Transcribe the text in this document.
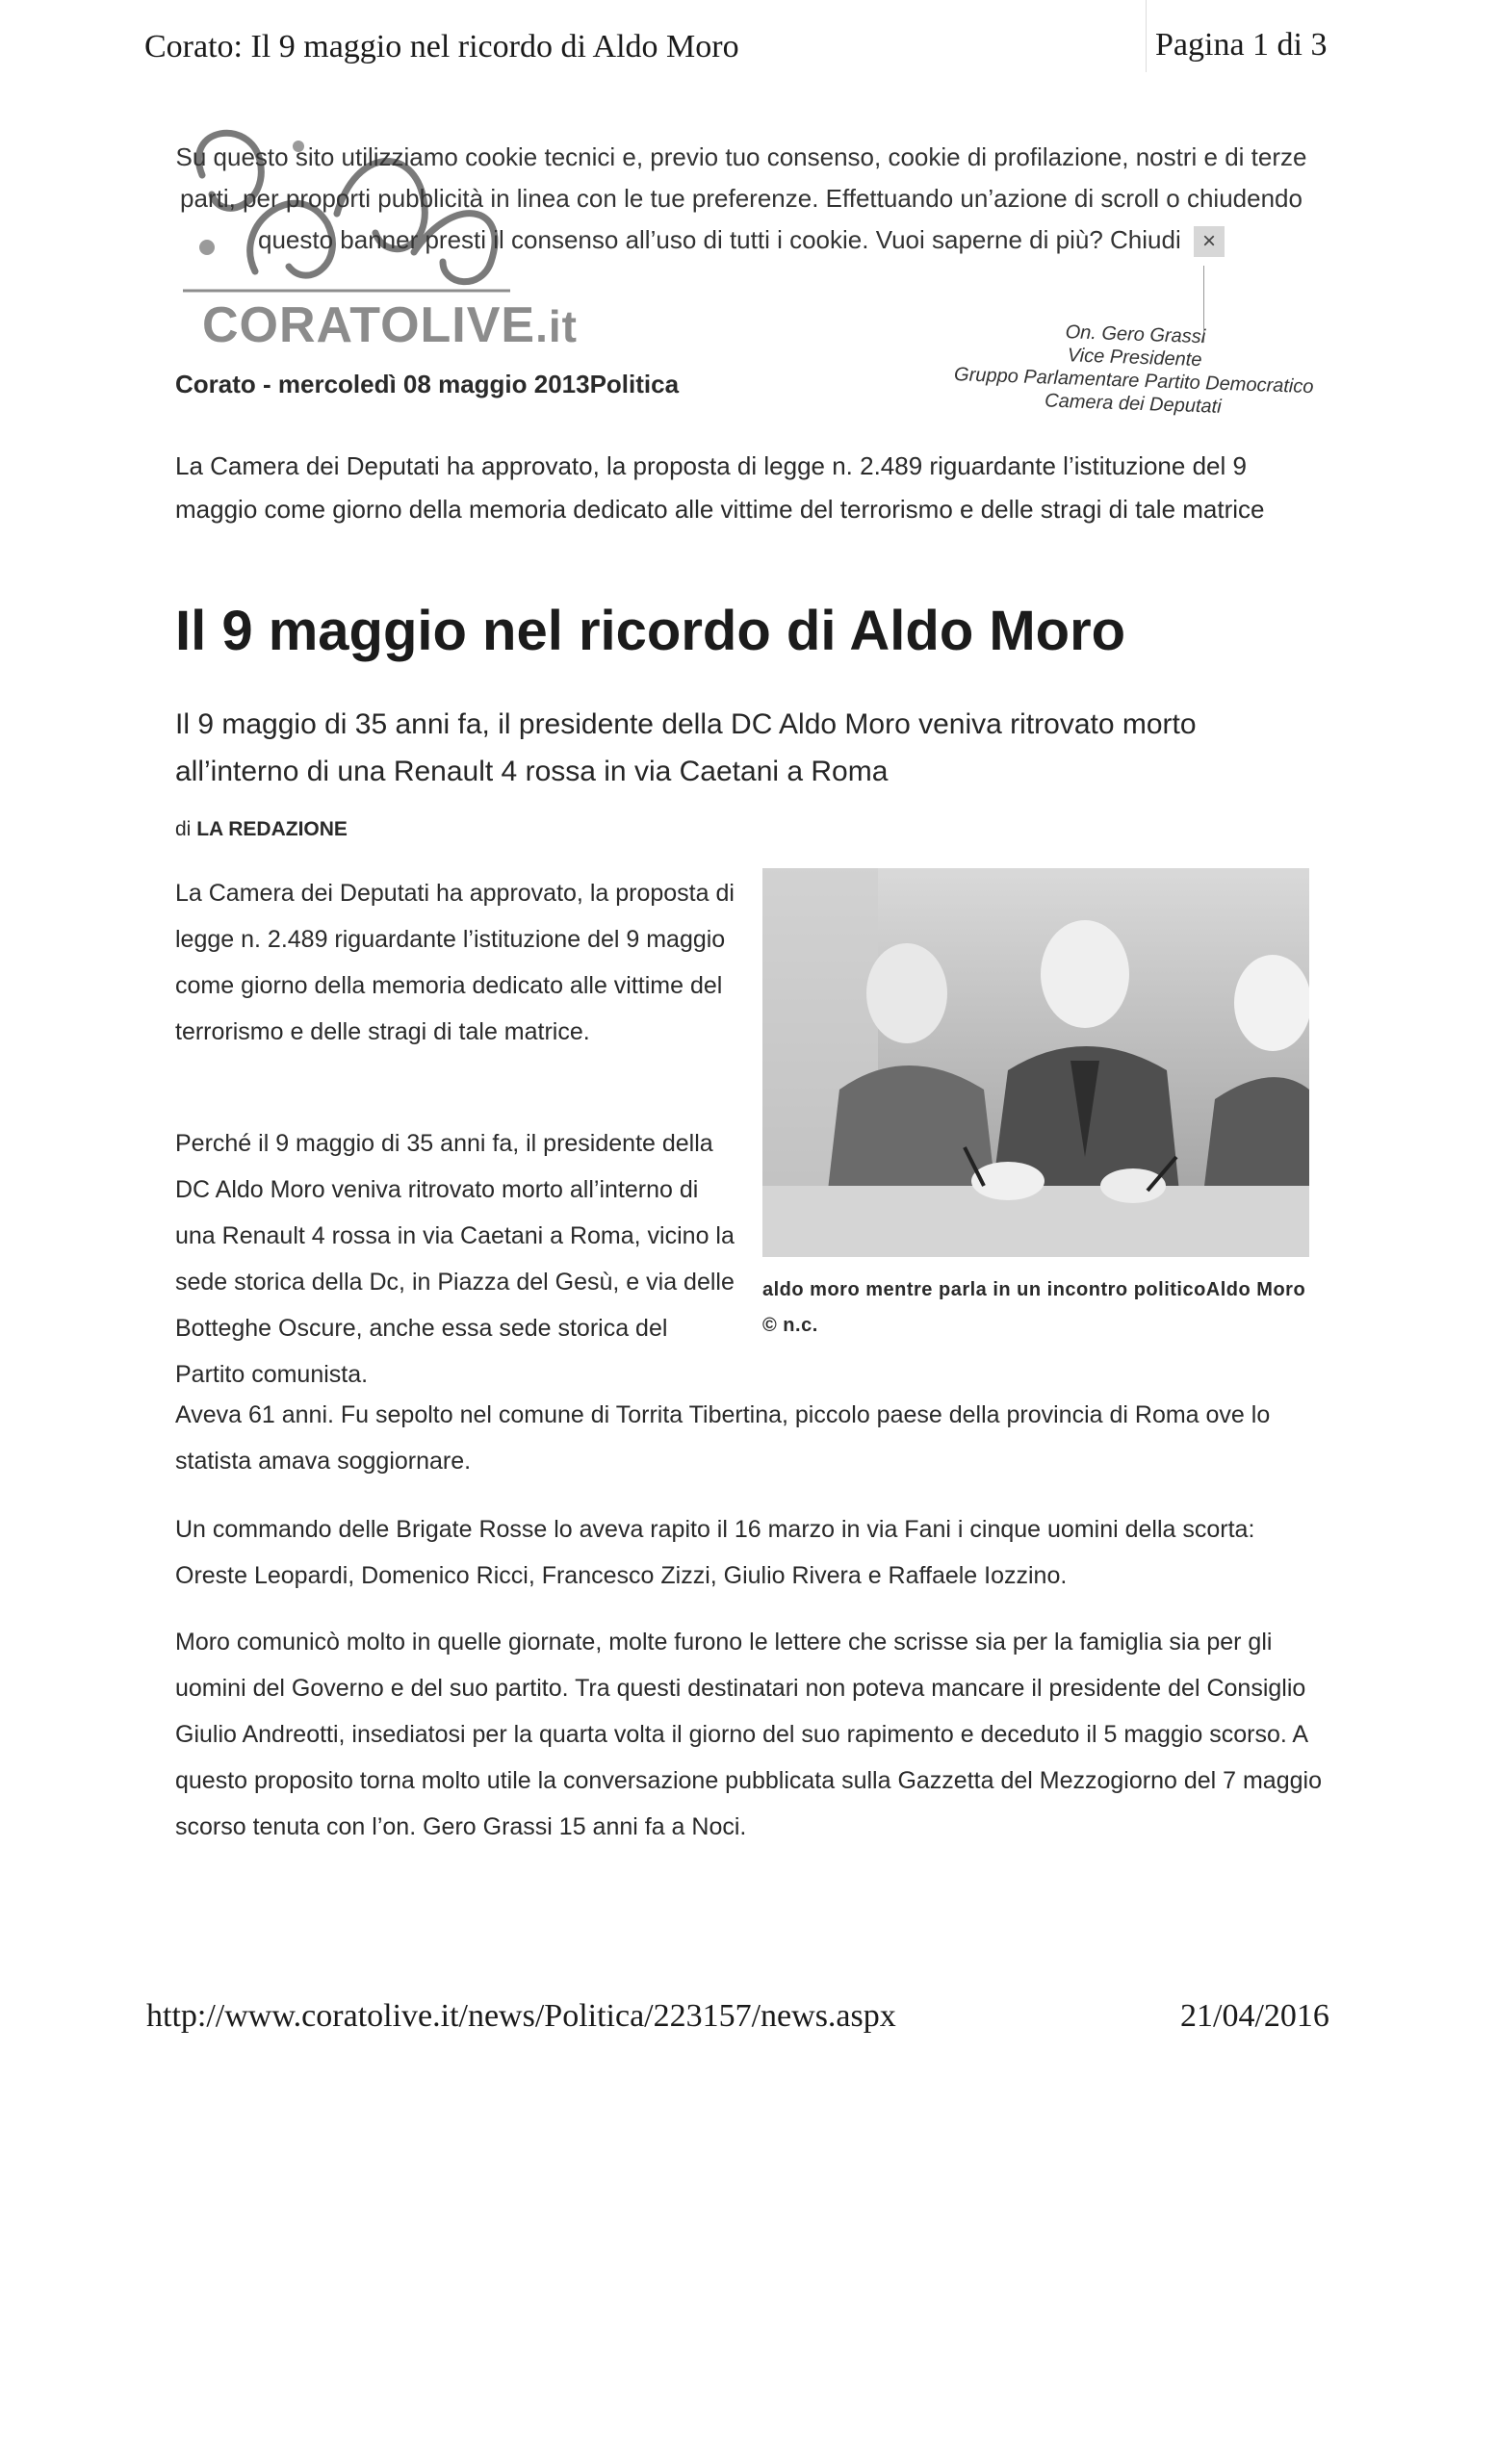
Corato: Il 9 maggio nel ricordo di Aldo Moro	Pagina 1 di 3
CORATOLIVE.it
Su questo sito utilizziamo cookie tecnici e, previo tuo consenso, cookie di profilazione, nostri e di terze
parti, per proporti pubblicità in linea con le tue preferenze. Effettuando un’azione di scroll o chiudendo
questo banner presti il consenso all’uso di tutti i cookie. Vuoi saperne di più? Chiudi ×
Corato - mercoledì 08 maggio 2013Politica
On. Gero Grassi
Vice Presidente
Gruppo Parlamentare Partito Democratico
Camera dei Deputati
La Camera dei Deputati ha approvato, la proposta di legge n. 2.489 riguardante l’istituzione del 9 maggio come giorno della memoria dedicato alle vittime del terrorismo e delle stragi di tale matrice
Il 9 maggio nel ricordo di Aldo Moro
Il 9 maggio di 35 anni fa, il presidente della DC Aldo Moro veniva ritrovato morto all’interno di una Renault 4 rossa in via Caetani a Roma
di LA REDAZIONE
La Camera dei Deputati ha approvato, la proposta di legge n. 2.489 riguardante l’istituzione del 9 maggio come giorno della memoria dedicato alle vittime del terrorismo e delle stragi di tale matrice.
Perché il 9 maggio di 35 anni fa, il presidente della DC Aldo Moro veniva ritrovato morto all’interno di una Renault 4 rossa in via Caetani a Roma, vicino la sede storica della Dc, in Piazza del Gesù, e via delle Botteghe Oscure, anche essa sede storica del Partito comunista.
aldo moro mentre parla in un incontro politicoAldo Moro © n.c.
Aveva 61 anni. Fu sepolto nel comune di Torrita Tibertina, piccolo paese della provincia di Roma ove lo statista amava soggiornare.
Un commando delle Brigate Rosse lo aveva rapito il 16 marzo in via Fani i cinque uomini della scorta: Oreste Leopardi, Domenico Ricci, Francesco Zizzi, Giulio Rivera e Raffaele Iozzino.
Moro comunicò molto in quelle giornate, molte furono le lettere che scrisse sia per la famiglia sia per gli uomini del Governo e del suo partito. Tra questi destinatari non poteva mancare il presidente del Consiglio Giulio Andreotti, insediatosi per la quarta volta il giorno del suo rapimento e deceduto il 5 maggio scorso. A questo proposito torna molto utile la conversazione pubblicata sulla Gazzetta del Mezzogiorno del 7 maggio scorso tenuta con l’on. Gero Grassi 15 anni fa a Noci.
http://www.coratolive.it/news/Politica/223157/news.aspx	21/04/2016
